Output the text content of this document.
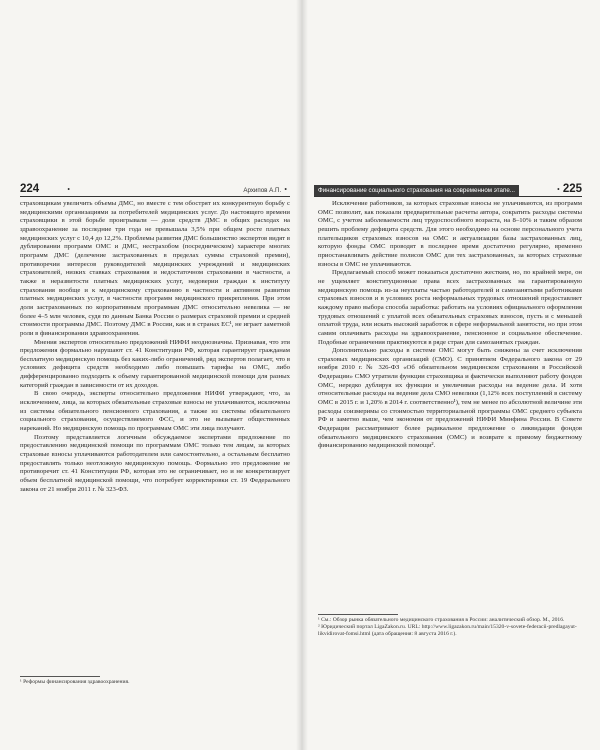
224	•	Архипов А.П. •

страховщикам увеличить объемы ДМС, но вместе с тем обострят их конкурентную борьбу с медицинскими организациями за потребителей медицинских услуг. До настоящего времени страховщики в этой борьбе проигрывали — доля средств ДМС в общих расходах на здравоохранение за последние три года не превышала 3,5% при общем росте платных медицинских услуг с 10,4 до 12,2%. Проблемы развития ДМС большинство экспертов видят в дублировании программ ОМС и ДМС, нестрахобом (посредническом) характере многих программ ДМС (делечение застрахованных в пределах суммы страховой премии), противоречии интересов руководителей медицинских учреждений и медицинских страхователей, низких ставках страхования и недостаточном страховании в частности, а также в неразвитости платных медицинских услуг, недоверии граждан к институту страхования вообще и к медицинскому страхованию в частности и активном развитии платных медицинских услуг, в частности программ медицинского прикрепления. При этом доля застрахованных по корпоративным программам ДМС относительно невелика — не более 4–5 млн человек, судя по данным Банка России о размерах страховой премии и средней стоимости программы ДМС. Поэтому ДМС в России, как и в странах ЕС¹, не играет заметной роли в финансировании здравоохранения.

Мнения экспертов относительно предложений НИФИ неоднозначны. Признавая, что эти предложения формально нарушают ст. 41 Конституции РФ, которая гарантирует гражданам бесплатную медицинскую помощь без каких-либо ограничений, ряд экспертов полагает, что в условиях дефицита средств необходимо либо повышать тарифы на ОМС, либо дифференцированно подходить к объему гарантированной медицинской помощи для разных категорий граждан в зависимости от их доходов.

В свою очередь, эксперты относительно предложения НИФИ утверждают, что, за исключением, лица, за которых обязательные страховые взносы не уплачиваются, исключены из системы обязательного пенсионного страхования, а также из системы обязательного социального страхования, осуществляемого ФСС, и это не вызывает общественных нареканий. Но медицинскую помощь по программам ОМС эти лица получают.

Поэтому представляется логичным обсуждаемое экспертами предложение по предоставлению медицинской помощи по программам ОМС только тем лицам, за которых страховые взносы уплачиваются работодателем или самостоятельно, а остальным бесплатно предоставлять только неотложную медицинскую помощь. Формально это предложение не противоречит ст. 41 Конституции РФ, которая это не ограничивает, но и не конкретизирует объем бесплатной медицинской помощи, что потребует корректировки ст. 19 Федерального закона от 21 ноября 2011 г. № 323-ФЗ.

¹ Реформы финансирования здравоохранения.
Финансирование социального страхования на современном этапе...	• 225

Исключение работников, за которых страховые взносы не уплачиваются, из программ ОМС позволит, как показали предварительные расчеты автора, сократить расходы системы ОМС, с учетом заболеваемости лиц трудоспособного возраста, на 8–10% и таким образом решить проблему дефицита средств. Для этого необходимо на основе персонального учета плательщиков страховых взносов на ОМС и актуализации базы застрахованных лиц, которую фонды ОМС проводят в последнее время достаточно регулярно, временно приостанавливать действие полисов ОМС для тех застрахованных, за которых страховые взносы в ОМС не уплачиваются.

Предлагаемый способ может показаться достаточно жестким, но, по крайней мере, он не ущемляет конституционные права всех застрахованных на гарантированную медицинскую помощь из-за неуплаты частью работодателей и самозанятыми работниками страховых взносов и в условиях роста неформальных трудовых отношений предоставляет каждому право выбора способа заработка: работать на условиях официального оформления трудовых отношений с уплатой всех обязательных страховых взносов, пусть и с меньшей оплатой труда, или искать высокий заработок в сфере неформальной занятости, но при этом самим оплачивать расходы на здравоохранение, пенсионное и социальное обеспечение. Подобные ограничения практикуются в ряде стран для самозанятых граждан.

Дополнительно расходы в системе ОМС могут быть снижены за счет исключения страховых медицинских организаций (СМО). С принятием Федерального закона от 29 ноября 2010 г. № 326-ФЗ «Об обязательном медицинском страховании в Российской Федерации» СМО утратили функции страховщика и фактически выполняют работу фондов ОМС, нередко дублируя их функции и увеличивая расходы на ведение дела. И хотя относительные расходы на ведение дела СМО невелики (1,12% всех поступлений в систему ОМС в 2015 г. и 1,20% в 2014 г. соответственно¹), тем не менее по абсолютной величине эти расходы соизмеримы со стоимостью территориальной программы ОМС среднего субъекта РФ и заметно выше, чем экономия от предложений НИФИ Минфина России. В Совете Федерации рассматривают более радикальное предложение о ликвидации фондов обязательного медицинского страхования (ОМС) и возврате к прямому бюджетному финансированию медицинской помощи².

¹ См.: Обзор рынка обязательного медицинского страхования в России: аналитический обзор. М., 2016.
² Юридический портал LigaZakon.ru. URL: http://www.ligazakon.ru/main/15320-v-sovete-federacii-predlagayut-likvidirovat-fomsi.html (дата обращения: 8 августа 2016 г.).
